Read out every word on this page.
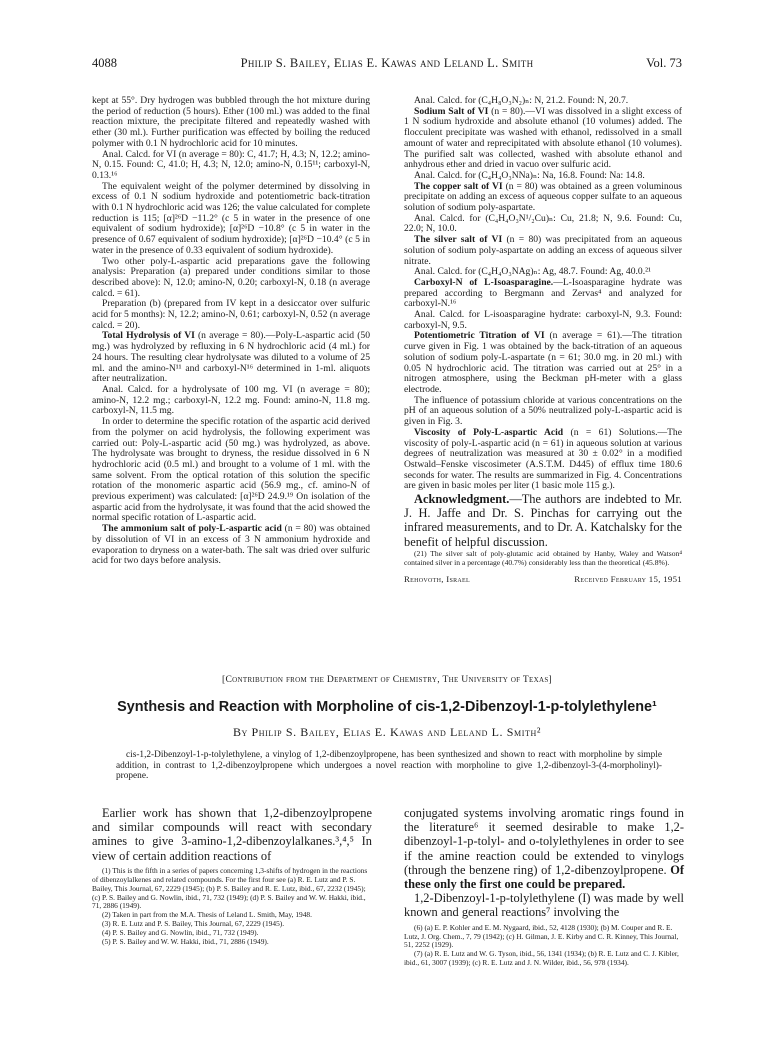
4088	Philip S. Bailey, Elias E. Kawas and Leland L. Smith	Vol. 73

kept at 55°. Dry hydrogen was bubbled through the hot mixture during the period of reduction (5 hours). Ether (100 ml.) was added to the final reaction mixture, the precipitate filtered and repeatedly washed with ether (30 ml.). Further purification was effected by boiling the reduced polymer with 0.1 N hydrochloric acid for 10 minutes.

Anal. Calcd. for VI (n average = 80): C, 41.7; H, 4.3; N, 12.2; amino-N, 0.15. Found: C, 41.0; H, 4.3; N, 12.0; amino-N, 0.15¹¹; carboxyl-N, 0.13.¹⁶

The equivalent weight of the polymer determined by dissolving in excess of 0.1 N sodium hydroxide and potentiometric back-titration with 0.1 N hydrochloric acid was 126; the value calculated for complete reduction is 115; [α]²⁶D −11.2° (c 5 in water in the presence of one equivalent of sodium hydroxide); [α]²⁶D −10.8° (c 5 in water in the presence of 0.67 equivalent of sodium hydroxide); [α]²⁶D −10.4° (c 5 in water in the presence of 0.33 equivalent of sodium hydroxide).

Two other poly-L-aspartic acid preparations gave the following analysis: Preparation (a) prepared under conditions similar to those described above): N, 12.0; amino-N, 0.20; carboxyl-N, 0.18 (n average calcd. = 61).

Preparation (b) (prepared from IV kept in a desiccator over sulfuric acid for 5 months): N, 12.2; amino-N, 0.61; carboxyl-N, 0.52 (n average calcd. = 20).

Total Hydrolysis of VI (n average = 80).—Poly-L-aspartic acid (50 mg.) was hydrolyzed by refluxing in 6 N hydrochloric acid (4 ml.) for 24 hours. The resulting clear hydrolysate was diluted to a volume of 25 ml. and the amino-N¹¹ and carboxyl-N¹⁶ determined in 1-ml. aliquots after neutralization.

Anal. Calcd. for a hydrolysate of 100 mg. VI (n average = 80); amino-N, 12.2 mg.; carboxyl-N, 12.2 mg. Found: amino-N, 11.8 mg. carboxyl-N, 11.5 mg.

In order to determine the specific rotation of the aspartic acid derived from the polymer on acid hydrolysis, the following experiment was carried out: Poly-L-aspartic acid (50 mg.) was hydrolyzed, as above. The hydrolysate was brought to dryness, the residue dissolved in 6 N hydrochloric acid (0.5 ml.) and brought to a volume of 1 ml. with the same solvent. From the optical rotation of this solution the specific rotation of the monomeric aspartic acid (56.9 mg., cf. amino-N of previous experiment) was calculated: [α]²⁶D 24.9.¹⁹ On isolation of the aspartic acid from the hydrolysate, it was found that the acid showed the normal specific rotation of L-aspartic acid.

The ammonium salt of poly-L-aspartic acid (n = 80) was obtained by dissolution of VI in an excess of 3 N ammonium hydroxide and evaporation to dryness on a water-bath. The salt was dried over sulfuric acid for two days before analysis.

Anal. Calcd. for (C₄H₈O₃N₂)ₙ: N, 21.2. Found: N, 20.7.

Sodium Salt of VI (n = 80).—VI was dissolved in a slight excess of 1 N sodium hydroxide and absolute ethanol (10 volumes) added. The flocculent precipitate was washed with ethanol, redissolved in a small amount of water and reprecipitated with absolute ethanol (10 volumes). The purified salt was collected, washed with absolute ethanol and anhydrous ether and dried in vacuo over sulfuric acid.

Anal. Calcd. for (C₄H₄O₃NNa)ₙ: Na, 16.8. Found: Na: 14.8.

The copper salt of VI (n = 80) was obtained as a green voluminous precipitate on adding an excess of aqueous copper sulfate to an aqueous solution of sodium poly-aspartate.

Anal. Calcd. for (C₄H₄O₃N¹/₂Cu)ₙ: Cu, 21.8; N, 9.6. Found: Cu, 22.0; N, 10.0.

The silver salt of VI (n = 80) was precipitated from an aqueous solution of sodium poly-aspartate on adding an excess of aqueous silver nitrate.

Anal. Calcd. for (C₄H₄O₃NAg)ₙ: Ag, 48.7. Found: Ag, 40.0.²¹

Carboxyl-N of L-Isoasparagine.—L-Isoasparagine hydrate was prepared according to Bergmann and Zervas⁴ and analyzed for carboxyl-N.¹⁶

Anal. Calcd. for L-isoasparagine hydrate: carboxyl-N, 9.3. Found: carboxyl-N, 9.5.

Potentiometric Titration of VI (n average = 61).—The titration curve given in Fig. 1 was obtained by the back-titration of an aqueous solution of sodium poly-L-aspartate (n = 61; 30.0 mg. in 20 ml.) with 0.05 N hydrochloric acid. The titration was carried out at 25° in a nitrogen atmosphere, using the Beckman pH-meter with a glass electrode.

The influence of potassium chloride at various concentrations on the pH of an aqueous solution of a 50% neutralized poly-L-aspartic acid is given in Fig. 3.

Viscosity of Poly-L-aspartic Acid (n = 61) Solutions.—The viscosity of poly-L-aspartic acid (n = 61) in aqueous solution at various degrees of neutralization was measured at 30 ± 0.02° in a modified Ostwald–Fenske viscosimeter (A.S.T.M. D445) of efflux time 180.6 seconds for water. The results are summarized in Fig. 4. Concentrations are given in basic moles per liter (1 basic mole 115 g.).

Acknowledgment.—The authors are indebted to Mr. J. H. Jaffe and Dr. S. Pinchas for carrying out the infrared measurements, and to Dr. A. Katchalsky for the benefit of helpful discussion.

(21) The silver salt of poly-glutamic acid obtained by Hanby, Waley and Watson⁴ contained silver in a percentage (40.7%) considerably less than the theoretical (45.8%).

Rehovoth, Israel	Received February 15, 1951
[Contribution from the Department of Chemistry, The University of Texas]
Synthesis and Reaction with Morpholine of cis-1,2-Dibenzoyl-1-p-tolylethylene¹
By Philip S. Bailey, Elias E. Kawas and Leland L. Smith²
cis-1,2-Dibenzoyl-1-p-tolylethylene, a vinylog of 1,2-dibenzoylpropene, has been synthesized and shown to react with morpholine by simple addition, in contrast to 1,2-dibenzoylpropene which undergoes a novel reaction with morpholine to give 1,2-dibenzoyl-3-(4-morpholinyl)-propene.

Earlier work has shown that 1,2-dibenzoylpropene and similar compounds will react with secondary amines to give 3-amino-1,2-dibenzoylalkanes.³,⁴,⁵ In view of certain addition reactions of

(1) This is the fifth in a series of papers concerning 1,3-shifts of hydrogen in the reactions of dibenzoylalkenes and related compounds. For the first four see (a) R. E. Lutz and P. S. Bailey, This Journal, 67, 2229 (1945); (b) P. S. Bailey and R. E. Lutz, ibid., 67, 2232 (1945); (c) P. S. Bailey and G. Nowlin, ibid., 71, 732 (1949); (d) P. S. Bailey and W. W. Hakki, ibid., 71, 2886 (1949).

(2) Taken in part from the M.A. Thesis of Leland L. Smith, May, 1948.

(3) R. E. Lutz and P. S. Bailey, This Journal, 67, 2229 (1945).

(4) P. S. Bailey and G. Nowlin, ibid., 71, 732 (1949).

(5) P. S. Bailey and W. W. Hakki, ibid., 71, 2886 (1949).

conjugated systems involving aromatic rings found in the literature⁶ it seemed desirable to make 1,2-dibenzoyl-1-p-tolyl- and o-tolylethylenes in order to see if the amine reaction could be extended to vinylogs (through the benzene ring) of 1,2-dibenzoylpropene. Of these only the first one could be prepared.

1,2-Dibenzoyl-1-p-tolylethylene (I) was made by well known and general reactions⁷ involving the

(6) (a) E. P. Kohler and E. M. Nygaard, ibid., 52, 4128 (1930); (b) M. Couper and R. E. Lutz, J. Org. Chem., 7, 79 (1942); (c) H. Gilman, J. E. Kirby and C. R. Kinney, This Journal, 51, 2252 (1929).

(7) (a) R. E. Lutz and W. G. Tyson, ibid., 56, 1341 (1934); (b) R. E. Lutz and C. J. Kibler, ibid., 61, 3007 (1939); (c) R. E. Lutz and J. N. Wilder, ibid., 56, 978 (1934).
